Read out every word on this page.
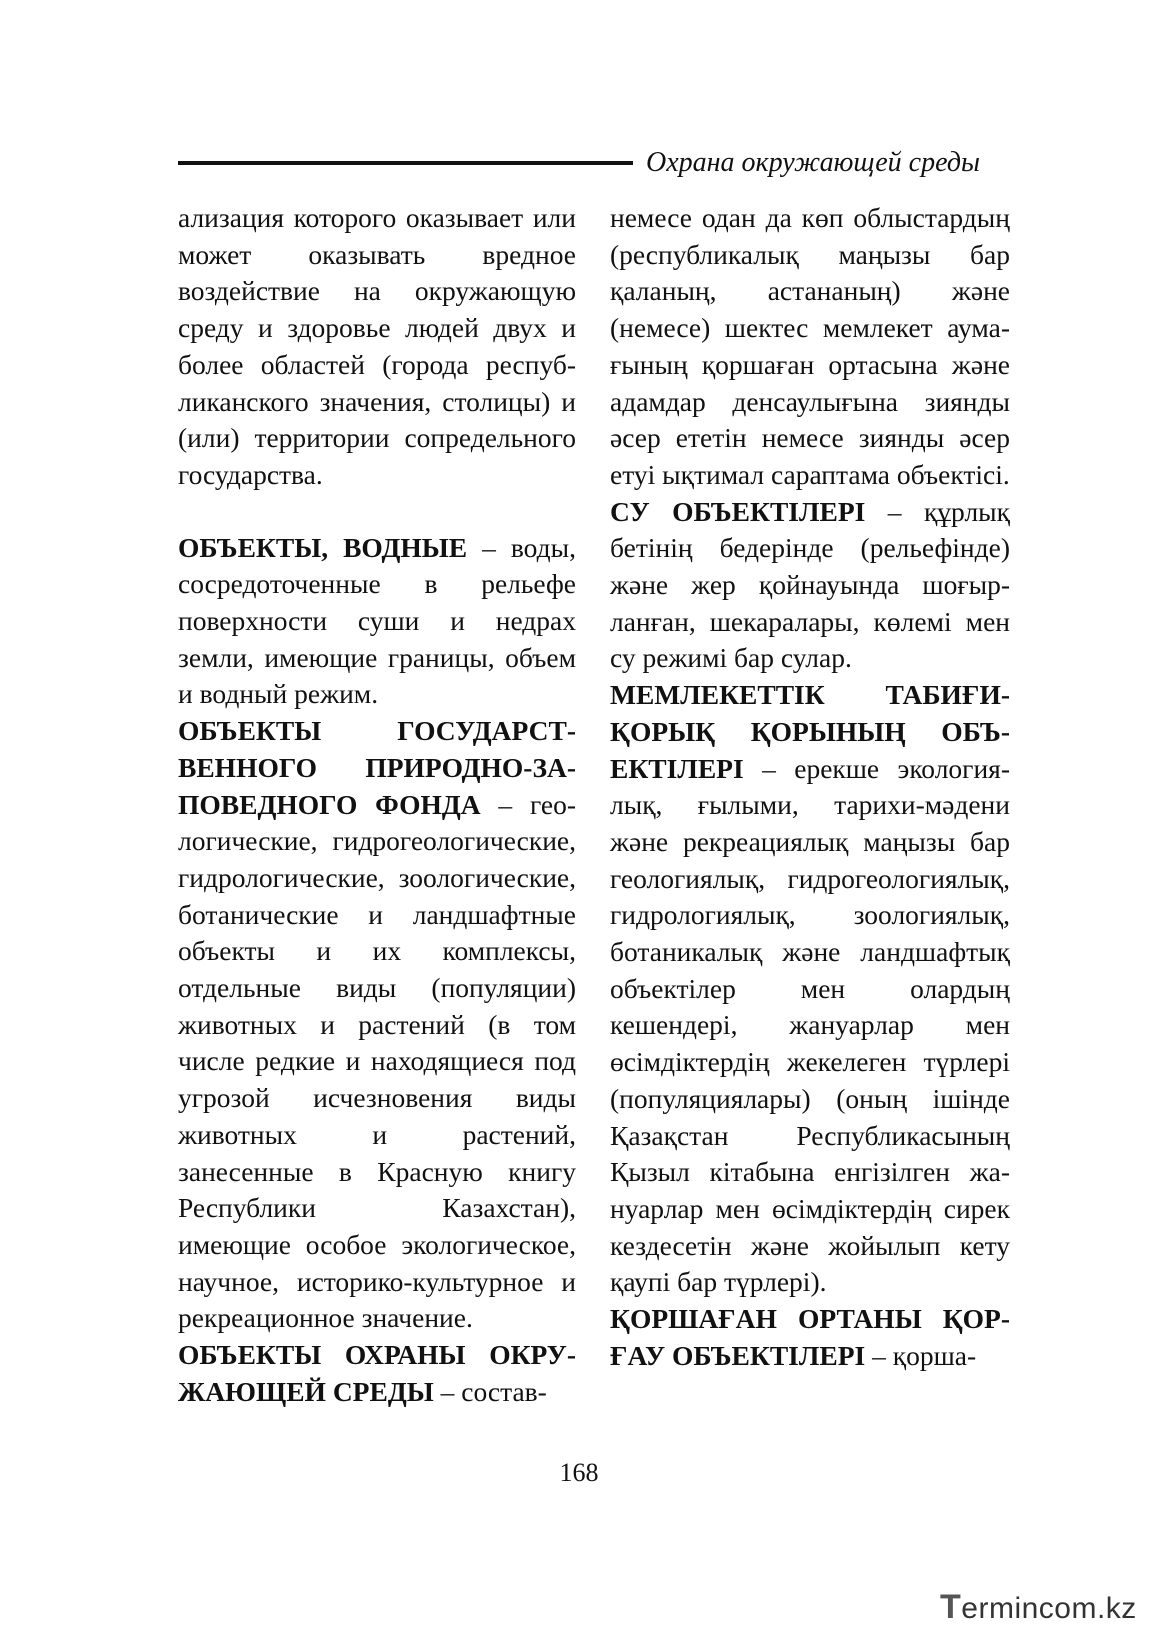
Охрана окружающей среды

ализация которого оказывает или может оказывать вредное воздействие на окружающую среду и здоровье людей двух и более областей (города республиканского значения, столицы) и (или) территории сопредельного государства.

ОБЪЕКТЫ, ВОДНЫЕ – воды, сосредоточенные в рельефе поверхности суши и недрах земли, имеющие границы, объем и водный режим.

ОБЪЕКТЫ ГОСУДАРСТВЕННОГО ПРИРОДНО-ЗАПОВЕДНОГО ФОНДА – геологические, гидрогеологические, гидрологические, зоологические, ботанические и ландшафтные объекты и их комплексы, отдельные виды (популяции) животных и растений (в том числе редкие и находящиеся под угрозой исчезновения виды животных и растений, занесенные в Красную книгу Республики Казахстан), имеющие особое экологическое, научное, историко-культурное и рекреационное значение.

ОБЪЕКТЫ ОХРАНЫ ОКРУЖАЮЩЕЙ СРЕДЫ – состав-

немесе одан да көп облыстардың (республикалық маңызы бар қаланың, астананың) және (немесе) шектес мемлекет аумағының қоршаған ортасына және адамдар денсаулығына зиянды әсер ететін немесе зиянды әсер етуі ықтимал сараптама объектісі.

СУ ОБЪЕКТІЛЕРІ – құрлық бетінің бедерінде (рельефінде) және жер қойнауында шоғырланған, шекаралары, көлемі мен су режимі бар сулар.

МЕМЛЕКЕТТІК ТАБИҒИ-ҚОРЫҚ ҚОРЫНЫҢ ОБЪЕКТІЛЕРІ – ерекше экологиялық, ғылыми, тарихи-мәдени және рекреациялық маңызы бар геологиялық, гидрогеологиялық, гидрологиялық, зоологиялық, ботаникалық және ландшафтық объектілер мен олардың кешендері, жануарлар мен өсімдіктердің жекелеген түрлері (популяциялары) (оның ішінде Қазақстан Республикасының Қызыл кітабына енгізілген жануарлар мен өсімдіктердің сирек кездесетін және жойылып кету қаупі бар түрлері).

ҚОРШАҒАН ОРТАНЫ ҚОРҒАУ ОБЪЕКТІЛЕРІ – қорша-

168
Termincom.kz
